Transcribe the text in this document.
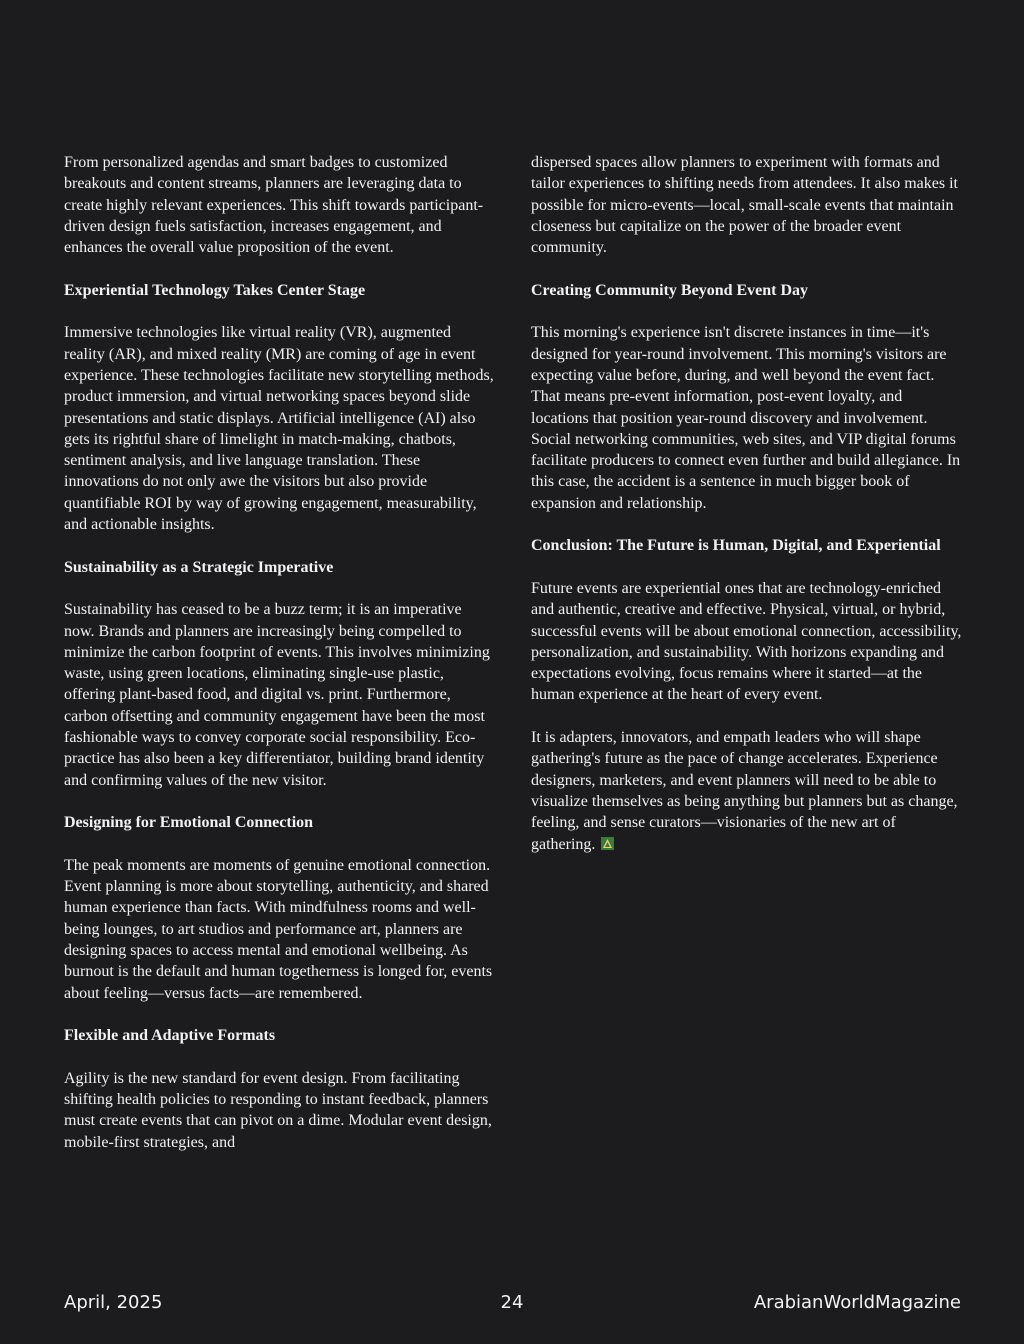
From personalized agendas and smart badges to customized breakouts and content streams, planners are leveraging data to create highly relevant experiences. This shift towards participant-driven design fuels satisfaction, increases engagement, and enhances the overall value proposition of the event.

Experiential Technology Takes Center Stage

Immersive technologies like virtual reality (VR), augmented reality (AR), and mixed reality (MR) are coming of age in event experience. These technologies facilitate new storytelling methods, product immersion, and virtual networking spaces beyond slide presentations and static displays. Artificial intelligence (AI) also gets its rightful share of limelight in match-making, chatbots, sentiment analysis, and live language translation. These innovations do not only awe the visitors but also provide quantifiable ROI by way of growing engagement, measurability, and actionable insights.

Sustainability as a Strategic Imperative

Sustainability has ceased to be a buzz term; it is an imperative now. Brands and planners are increasingly being compelled to minimize the carbon footprint of events. This involves minimizing waste, using green locations, eliminating single-use plastic, offering plant-based food, and digital vs. print. Furthermore, carbon offsetting and community engagement have been the most fashionable ways to convey corporate social responsibility. Eco-practice has also been a key differentiator, building brand identity and confirming values of the new visitor.

Designing for Emotional Connection

The peak moments are moments of genuine emotional connection. Event planning is more about storytelling, authenticity, and shared human experience than facts. With mindfulness rooms and well-being lounges, to art studios and performance art, planners are designing spaces to access mental and emotional wellbeing. As burnout is the default and human togetherness is longed for, events about feeling—versus facts—are remembered.

Flexible and Adaptive Formats

Agility is the new standard for event design. From facilitating shifting health policies to responding to instant feedback, planners must create events that can pivot on a dime. Modular event design, mobile-first strategies, and

dispersed spaces allow planners to experiment with formats and tailor experiences to shifting needs from attendees. It also makes it possible for micro-events—local, small-scale events that maintain closeness but capitalize on the power of the broader event community.

Creating Community Beyond Event Day

This morning's experience isn't discrete instances in time—it's designed for year-round involvement. This morning's visitors are expecting value before, during, and well beyond the event fact. That means pre-event information, post-event loyalty, and locations that position year-round discovery and involvement. Social networking communities, web sites, and VIP digital forums facilitate producers to connect even further and build allegiance. In this case, the accident is a sentence in much bigger book of expansion and relationship.

Conclusion: The Future is Human, Digital, and Experiential

Future events are experiential ones that are technology-enriched and authentic, creative and effective. Physical, virtual, or hybrid, successful events will be about emotional connection, accessibility, personalization, and sustainability. With horizons expanding and expectations evolving, focus remains where it started—at the human experience at the heart of every event.

It is adapters, innovators, and empath leaders who will shape gathering's future as the pace of change accelerates. Experience designers, marketers, and event planners will need to be able to visualize themselves as being anything but planners but as change, feeling, and sense curators—visionaries of the new art of gathering.

April, 2025	24	ArabianWorldMagazine
